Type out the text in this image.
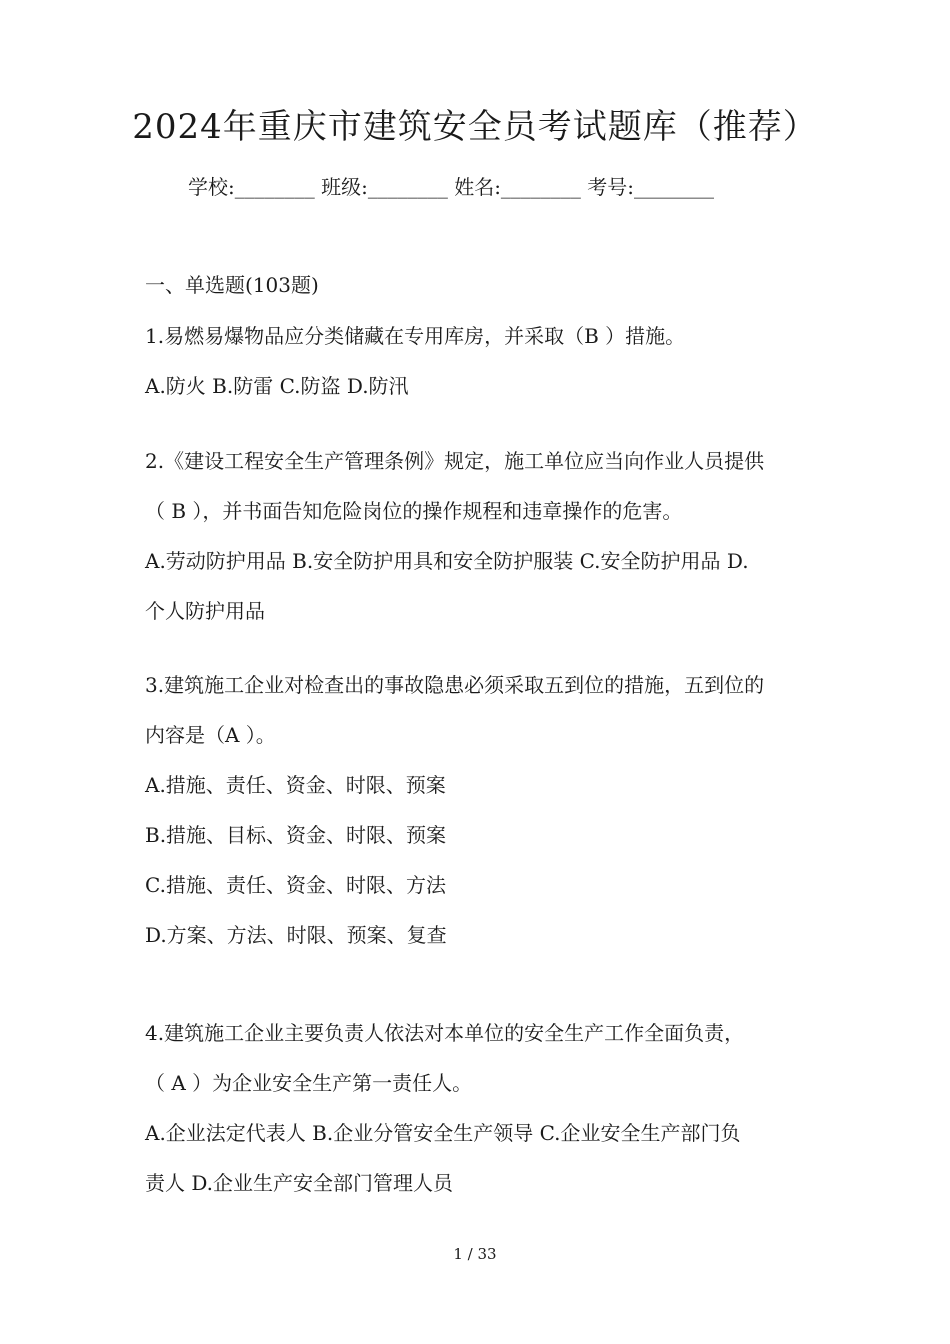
2024年重庆市建筑安全员考试题库（推荐）
学校:________ 班级:________ 姓名:________ 考号:________
一、单选题(103题)
1.易燃易爆物品应分类储藏在专用库房，并采取（B ）措施。
A.防火 B.防雷 C.防盗 D.防汛
2.《建设工程安全生产管理条例》规定，施工单位应当向作业人员提供
（ B ），并书面告知危险岗位的操作规程和违章操作的危害。
A.劳动防护用品 B.安全防护用具和安全防护服装 C.安全防护用品 D.
个人防护用品
3.建筑施工企业对检查出的事故隐患必须采取五到位的措施，五到位的
内容是（A ）。
A.措施、责任、资金、时限、预案
B.措施、目标、资金、时限、预案
C.措施、责任、资金、时限、方法
D.方案、方法、时限、预案、复查
4.建筑施工企业主要负责人依法对本单位的安全生产工作全面负责，
（ A ）为企业安全生产第一责任人。
A.企业法定代表人 B.企业分管安全生产领导 C.企业安全生产部门负
责人 D.企业生产安全部门管理人员
1 / 33
